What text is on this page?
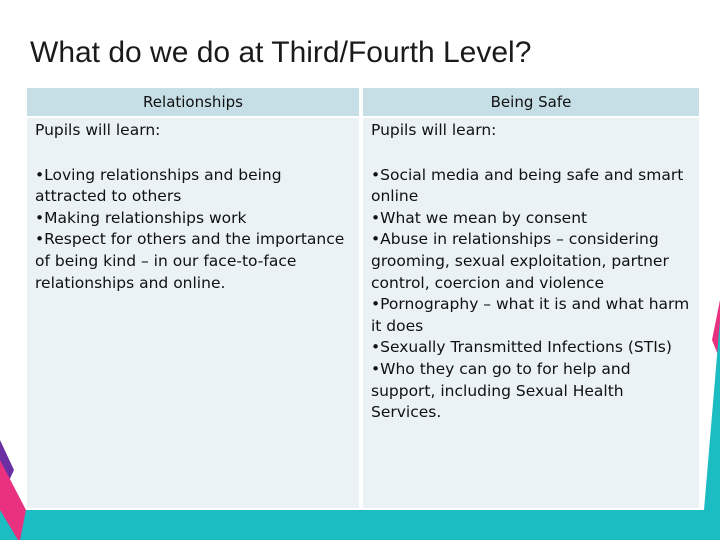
What do we do at Third/Fourth Level?
Relationships	Being Safe
Pupils will learn:
•Loving relationships and being attracted to others
•Making relationships work
•Respect for others and the importance of being kind – in our face-to-face relationships and online.
Pupils will learn:
•Social media and being safe and smart online
•What we mean by consent
•Abuse in relationships – considering grooming, sexual exploitation, partner control, coercion and violence
•Pornography – what it is and what harm it does
•Sexually Transmitted Infections (STIs)
•Who they can go to for help and support, including Sexual Health Services.
